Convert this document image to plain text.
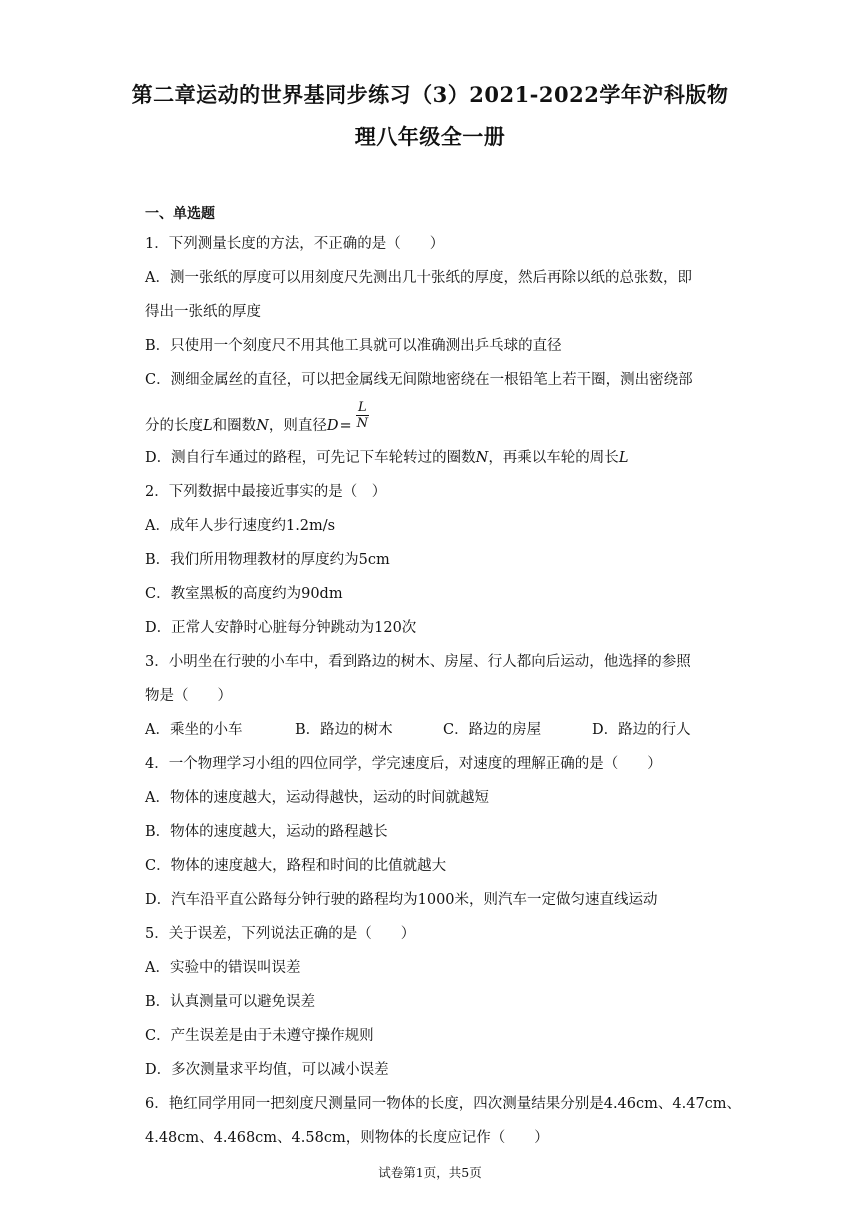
第二章运动的世界基同步练习（3）2021-2022学年沪科版物
理八年级全一册
一、单选题
1．下列测量长度的方法，不正确的是（　　）
A．测一张纸的厚度可以用刻度尺先测出几十张纸的厚度，然后再除以纸的总张数，即
得出一张纸的厚度
B．只使用一个刻度尺不用其他工具就可以准确测出乒乓球的直径
C．测细金属丝的直径，可以把金属线无间隙地密绕在一根铅笔上若干圈，测出密绕部
分的长度L和圈数N，则直径$D= \frac{L}{N}$
D．测自行车通过的路程，可先记下车轮转过的圈数N，再乘以车轮的周长L
2．下列数据中最接近事实的是（　）
A．成年人步行速度约1.2m/s
B．我们所用物理教材的厚度约为5cm
C．教室黑板的高度约为90dm
D．正常人安静时心脏每分钟跳动为120次
3．小明坐在行驶的小车中，看到路边的树木、房屋、行人都向后运动，他选择的参照
物是（　　）
A．乘坐的小车	B．路边的树木	C．路边的房屋	D．路边的行人
4．一个物理学习小组的四位同学，学完速度后，对速度的理解正确的是（　　）
A．物体的速度越大，运动得越快，运动的时间就越短
B．物体的速度越大，运动的路程越长
C．物体的速度越大，路程和时间的比值就越大
D．汽车沿平直公路每分钟行驶的路程均为1000米，则汽车一定做匀速直线运动
5．关于误差，下列说法正确的是（　　）
A．实验中的错误叫误差
B．认真测量可以避免误差
C．产生误差是由于未遵守操作规则
D．多次测量求平均值，可以减小误差
6．艳红同学用同一把刻度尺测量同一物体的长度，四次测量结果分别是4.46cm、4.47cm、
4.48cm、4.468cm、4.58cm，则物体的长度应记作（　　）
试卷第1页，共5页
